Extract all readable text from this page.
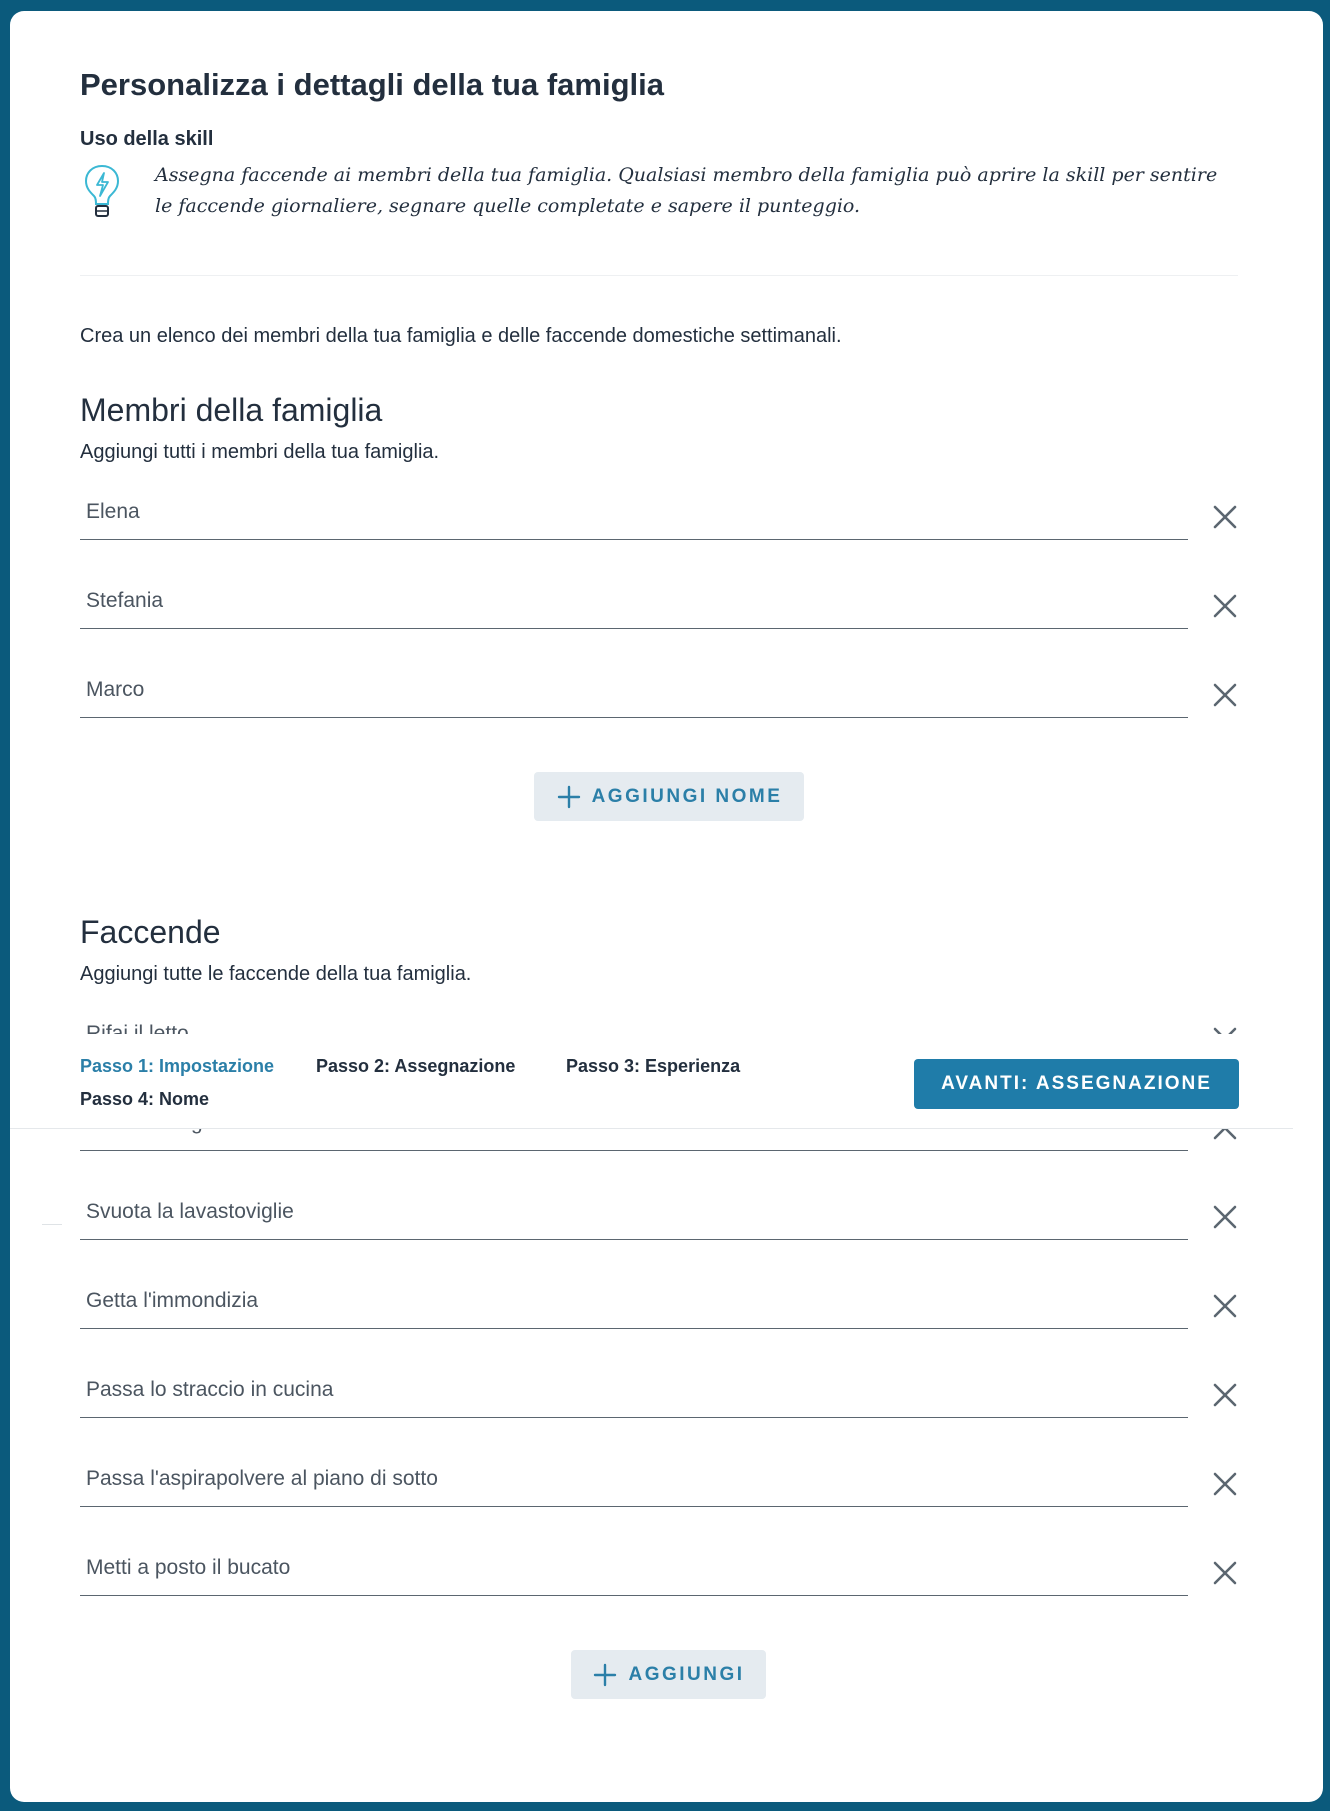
Personalizza i dettagli della tua famiglia
Uso della skill
Assegna faccende ai membri della tua famiglia. Qualsiasi membro della famiglia può aprire la skill per sentire le faccende giornaliere, segnare quelle completate e sapere il punteggio.
Crea un elenco dei membri della tua famiglia e delle faccende domestiche settimanali.
Membri della famiglia
Aggiungi tutti i membri della tua famiglia.
Elena
Stefania
Marco
AGGIUNGI NOME
Faccende
Aggiungi tutte le faccende della tua famiglia.
Rifai il letto
Pulisci il bagno
Svuota la lavastoviglie
Getta l'immondizia
Passa lo straccio in cucina
Passa l'aspirapolvere al piano di sotto
Metti a posto il bucato
AGGIUNGI
Passo 1: Impostazione Passo 2: Assegnazione	Passo 3: Esperienza
Passo 4: Nome
AVANTI: ASSEGNAZIONE
